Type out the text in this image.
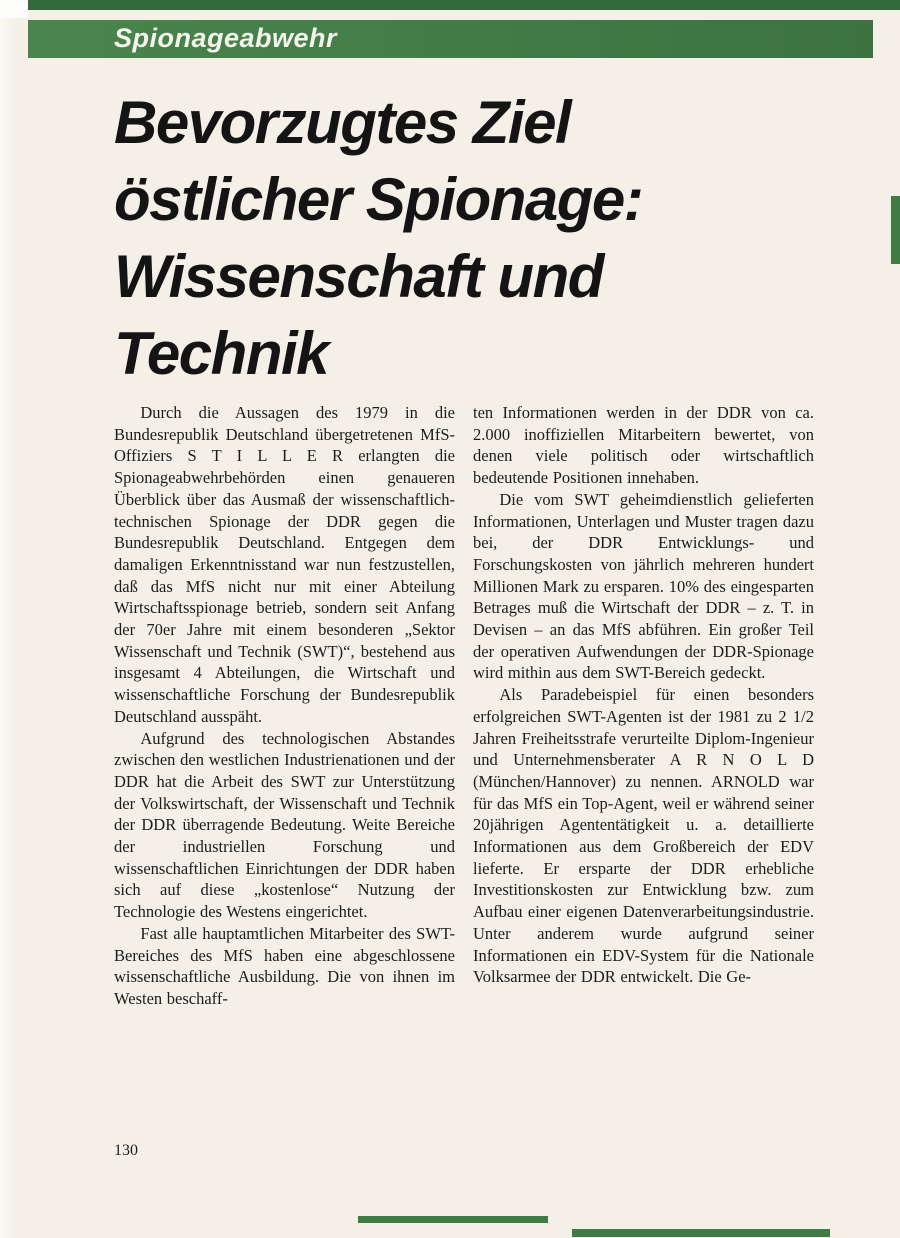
Spionageabwehr
Bevorzugtes Ziel
östlicher Spionage:
Wissenschaft und
Technik

Durch die Aussagen des 1979 in die Bundesrepublik Deutschland übergetretenen MfS-Offiziers S T I L L E R erlangten die Spionageabwehrbehörden einen genaueren Überblick über das Ausmaß der wissenschaftlich-technischen Spionage der DDR gegen die Bundesrepublik Deutschland. Entgegen dem damaligen Erkenntnisstand war nun festzustellen, daß das MfS nicht nur mit einer Abteilung Wirtschaftsspionage betrieb, sondern seit Anfang der 70er Jahre mit einem besonderen „Sektor Wissenschaft und Technik (SWT)“, bestehend aus insgesamt 4 Abteilungen, die Wirtschaft und wissenschaftliche Forschung der Bundesrepublik Deutschland ausspäht.

Aufgrund des technologischen Abstandes zwischen den westlichen Industrienationen und der DDR hat die Arbeit des SWT zur Unterstützung der Volkswirtschaft, der Wissenschaft und Technik der DDR überragende Bedeutung. Weite Bereiche der industriellen Forschung und wissenschaftlichen Einrichtungen der DDR haben sich auf diese „kostenlose“ Nutzung der Technologie des Westens eingerichtet.

Fast alle hauptamtlichen Mitarbeiter des SWT-Bereiches des MfS haben eine abgeschlossene wissenschaftliche Ausbildung. Die von ihnen im Westen beschaff-

ten Informationen werden in der DDR von ca. 2.000 inoffiziellen Mitarbeitern bewertet, von denen viele politisch oder wirtschaftlich bedeutende Positionen innehaben.

Die vom SWT geheimdienstlich gelieferten Informationen, Unterlagen und Muster tragen dazu bei, der DDR Entwicklungs- und Forschungskosten von jährlich mehreren hundert Millionen Mark zu ersparen. 10% des eingesparten Betrages muß die Wirtschaft der DDR – z. T. in Devisen – an das MfS abführen. Ein großer Teil der operativen Aufwendungen der DDR-Spionage wird mithin aus dem SWT-Bereich gedeckt.

Als Paradebeispiel für einen besonders erfolgreichen SWT-Agenten ist der 1981 zu 2 1/2 Jahren Freiheitsstrafe verurteilte Diplom-Ingenieur und Unternehmensberater A R N O L D (München/Hannover) zu nennen. ARNOLD war für das MfS ein Top-Agent, weil er während seiner 20jährigen Agententätigkeit u. a. detaillierte Informationen aus dem Großbereich der EDV lieferte. Er ersparte der DDR erhebliche Investitionskosten zur Entwicklung bzw. zum Aufbau einer eigenen Datenverarbeitungsindustrie. Unter anderem wurde aufgrund seiner Informationen ein EDV-System für die Nationale Volksarmee der DDR entwickelt. Die Ge-

130
